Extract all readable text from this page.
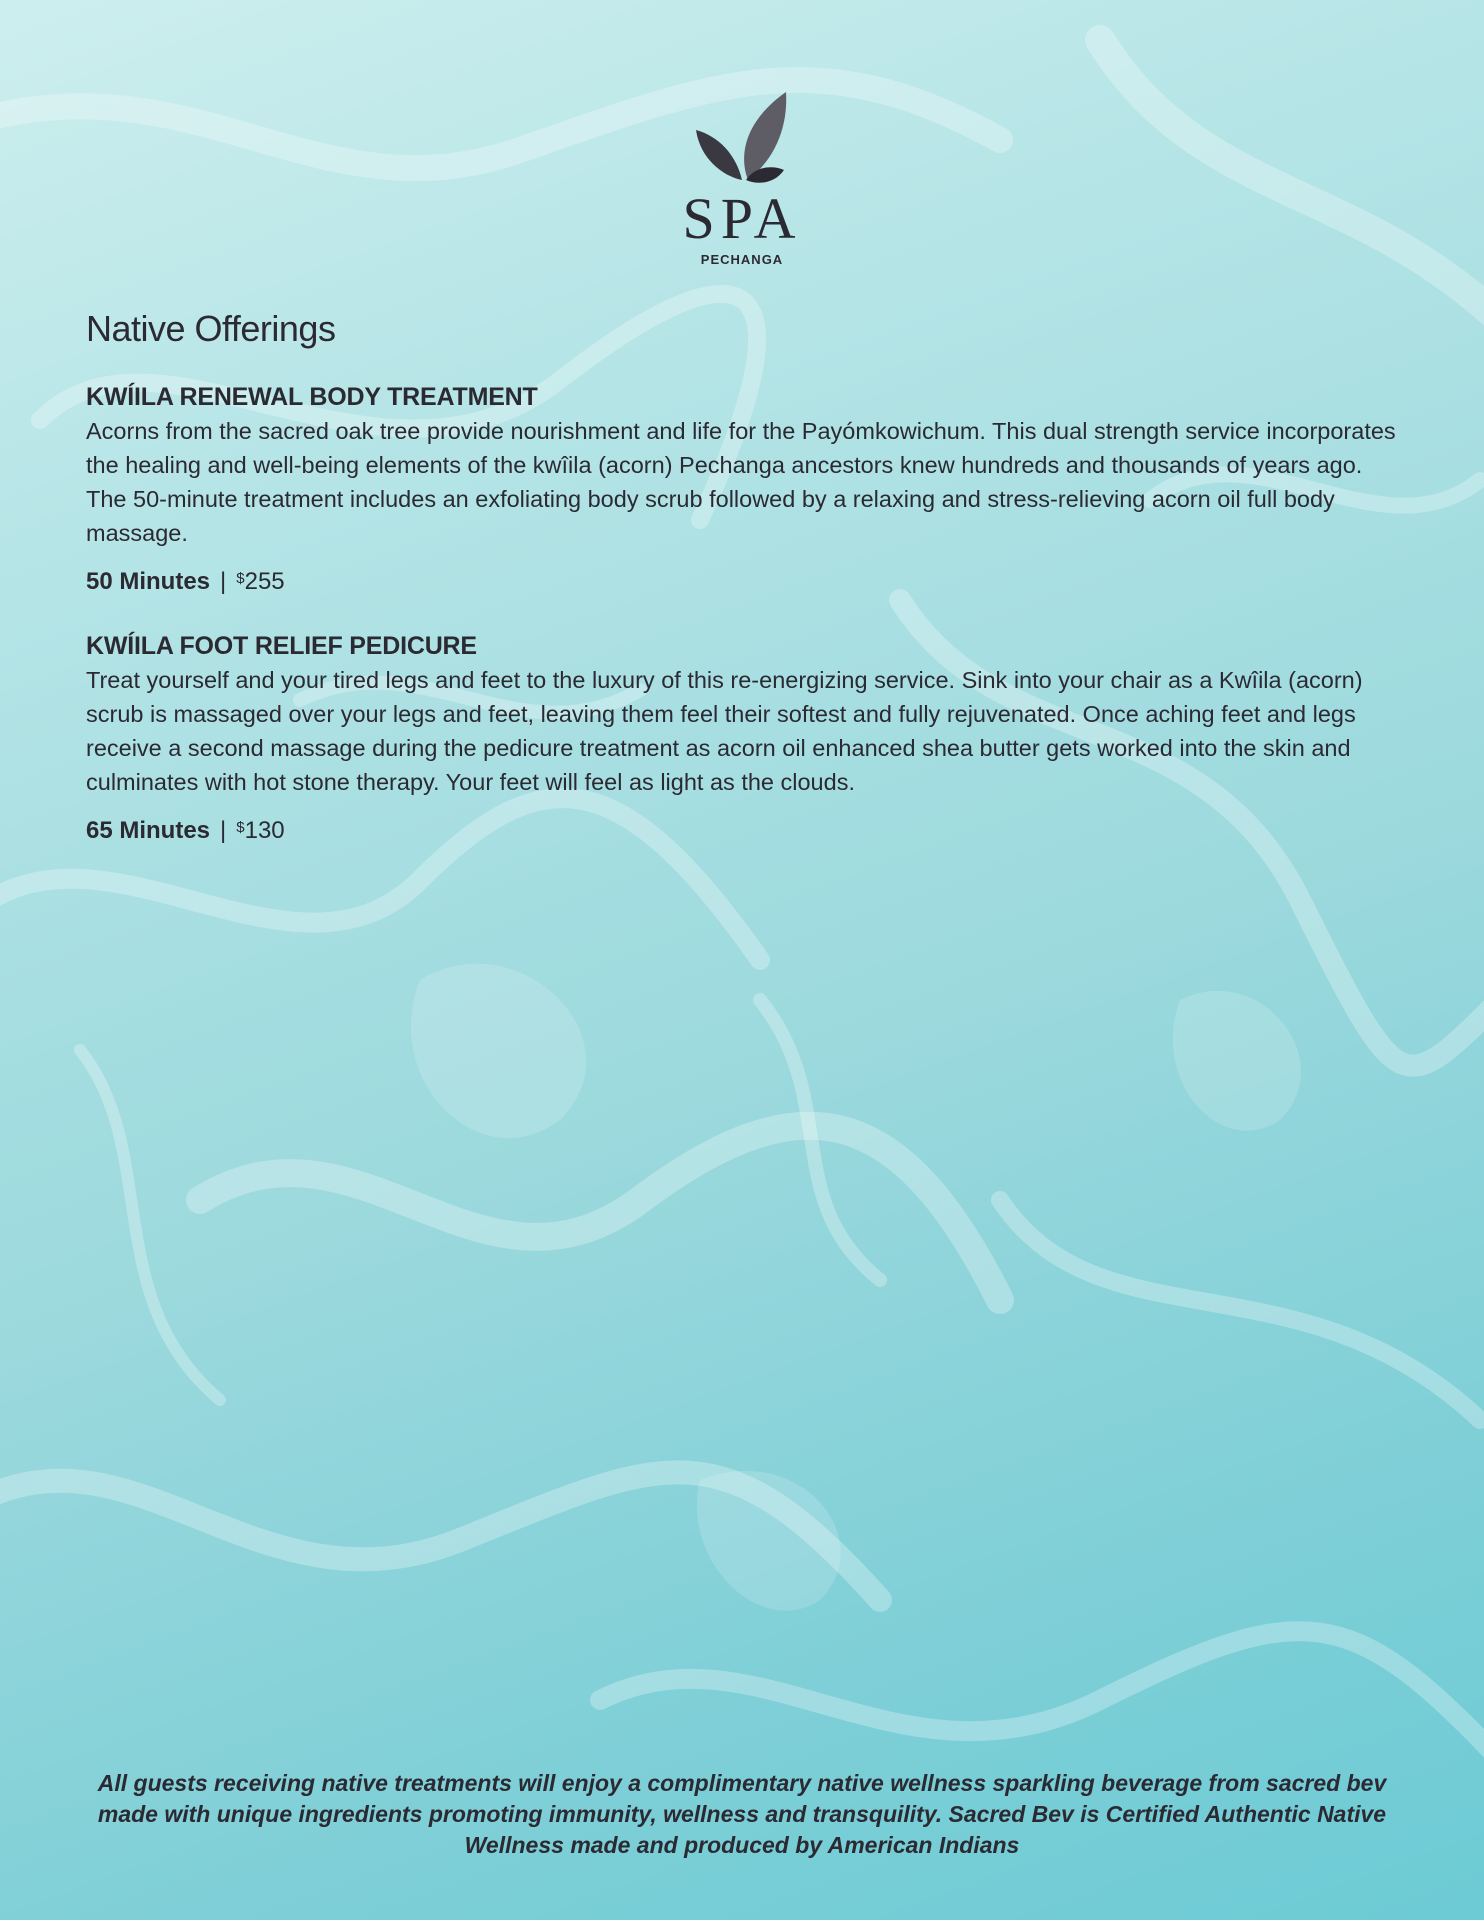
SPA
PECHANGA
Native Offerings
KWÍILA RENEWAL BODY TREATMENT

Acorns from the sacred oak tree provide nourishment and life for the Payómkowichum. This dual strength service incorporates the healing and well-being elements of the kwîila (acorn) Pechanga ancestors knew hundreds and thousands of years ago. The 50-minute treatment includes an exfoliating body scrub followed by a relaxing and stress-relieving acorn oil full body massage.

50 Minutes | $255
KWÍILA FOOT RELIEF PEDICURE

Treat yourself and your tired legs and feet to the luxury of this re-energizing service. Sink into your chair as a Kwîila (acorn) scrub is massaged over your legs and feet, leaving them feel their softest and fully rejuvenated. Once aching feet and legs receive a second massage during the pedicure treatment as acorn oil enhanced shea butter gets worked into the skin and culminates with hot stone therapy. Your feet will feel as light as the clouds.

65 Minutes | $130
All guests receiving native treatments will enjoy a complimentary native wellness sparkling beverage from sacred bev made with unique ingredients promoting immunity, wellness and transquility. Sacred Bev is Certified Authentic Native Wellness made and produced by American Indians
